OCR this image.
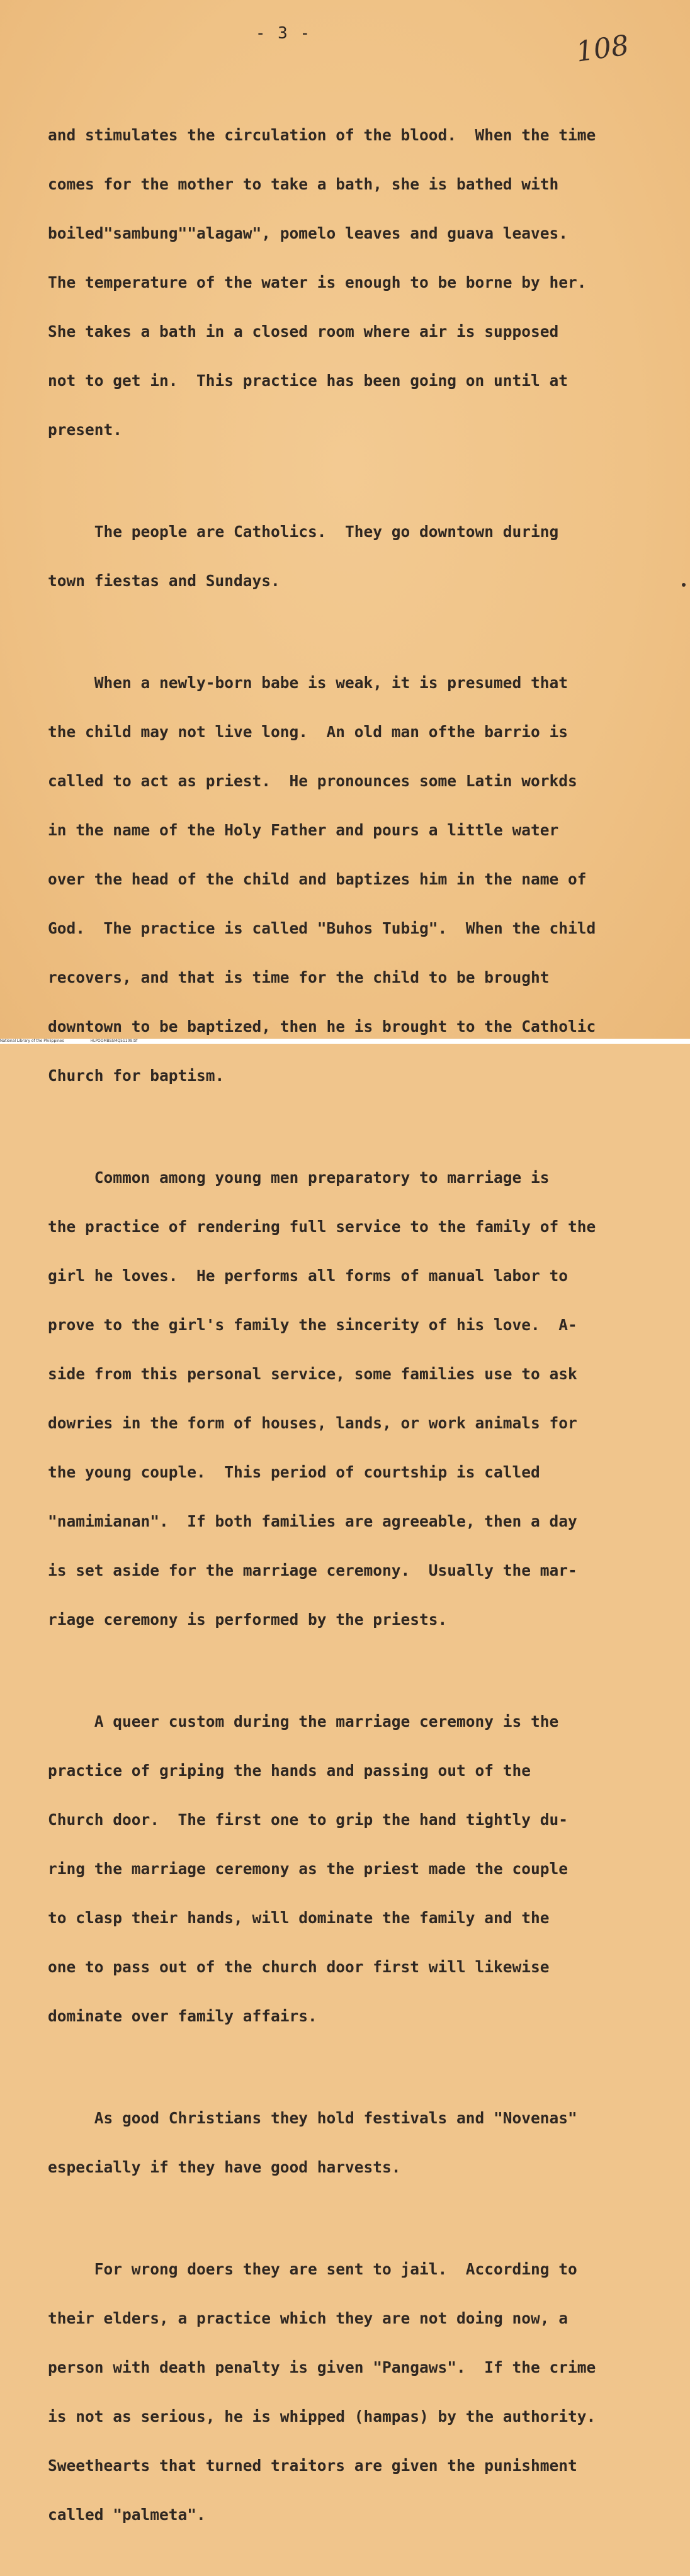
- 3 -	108

and stimulates the circulation of the blood.  When the time

comes for the mother to take a bath, she is bathed with

boiled"sambung""alagaw", pomelo leaves and guava leaves.

The temperature of the water is enough to be borne by her.

She takes a bath in a closed room where air is supposed

not to get in.  This practice has been going on until at

present.

The people are Catholics.  They go downtown during

town fiestas and Sundays.

When a newly-born babe is weak, it is presumed that

the child may not live long.  An old man ofthe barrio is

called to act as priest.  He pronounces some Latin workds

in the name of the Holy Father and pours a little water

over the head of the child and baptizes him in the name of

God.  The practice is called "Buhos Tubig".  When the child

recovers, and that is time for the child to be brought

downtown to be baptized, then he is brought to the Catholic

Church for baptism.

Common among young men preparatory to marriage is

the practice of rendering full service to the family of the

girl he loves.  He performs all forms of manual labor to

prove to the girl's family the sincerity of his love.  A-

side from this personal service, some families use to ask

dowries in the form of houses, lands, or work animals for

the young couple.  This period of courtship is called

"namimianan".  If both families are agreeable, then a day

is set aside for the marriage ceremony.  Usually the mar-

riage ceremony is performed by the priests.

A queer custom during the marriage ceremony is the

practice of griping the hands and passing out of the

Church door.  The first one to grip the hand tightly du-

ring the marriage ceremony as the priest made the couple

to clasp their hands, will dominate the family and the

one to pass out of the church door first will likewise

dominate over family affairs.

As good Christians they hold festivals and "Novenas"

especially if they have good harvests.

For wrong doers they are sent to jail.  According to

their elders, a practice which they are not doing now, a

person with death penalty is given "Pangaws".  If the crime

is not as serious, he is whipped (hampas) by the authority.

Sweethearts that turned traitors are given the punishment

called "palmeta".

National Library of the Philippines	HLPOOMBSSMQ51109.tif
